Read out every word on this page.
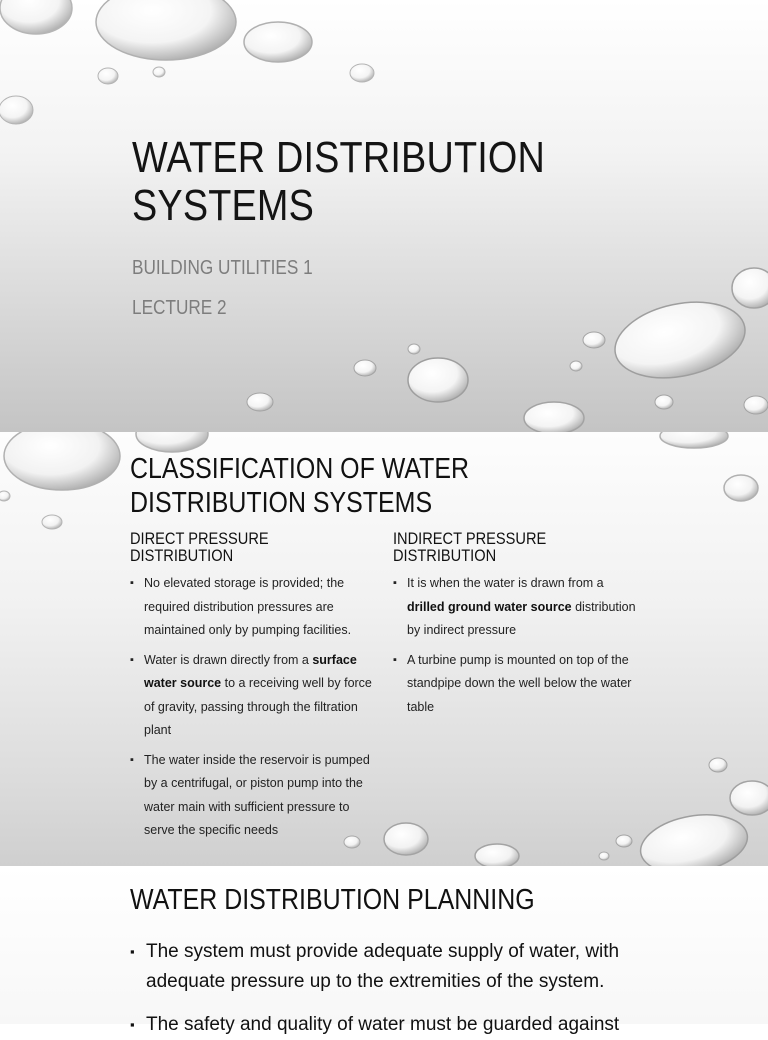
WATER DISTRIBUTION
SYSTEMS
BUILDING UTILITIES 1
LECTURE 2
CLASSIFICATION OF WATER
DISTRIBUTION SYSTEMS
DIRECT PRESSURE
DISTRIBUTION
▪ No elevated storage is provided; the required distribution pressures are maintained only by pumping facilities.
▪ Water is drawn directly from a surface water source to a receiving well by force of gravity, passing through the filtration plant
▪ The water inside the reservoir is pumped by a centrifugal, or piston pump into the water main with sufficient pressure to serve the specific needs
INDIRECT PRESSURE
DISTRIBUTION
▪ It is when the water is drawn from a drilled ground water source distribution by indirect pressure
▪ A turbine pump is mounted on top of the standpipe down the well below the water table
WATER DISTRIBUTION PLANNING
▪ The system must provide adequate supply of water, with adequate pressure up to the extremities of the system.
▪ The safety and quality of water must be guarded against
